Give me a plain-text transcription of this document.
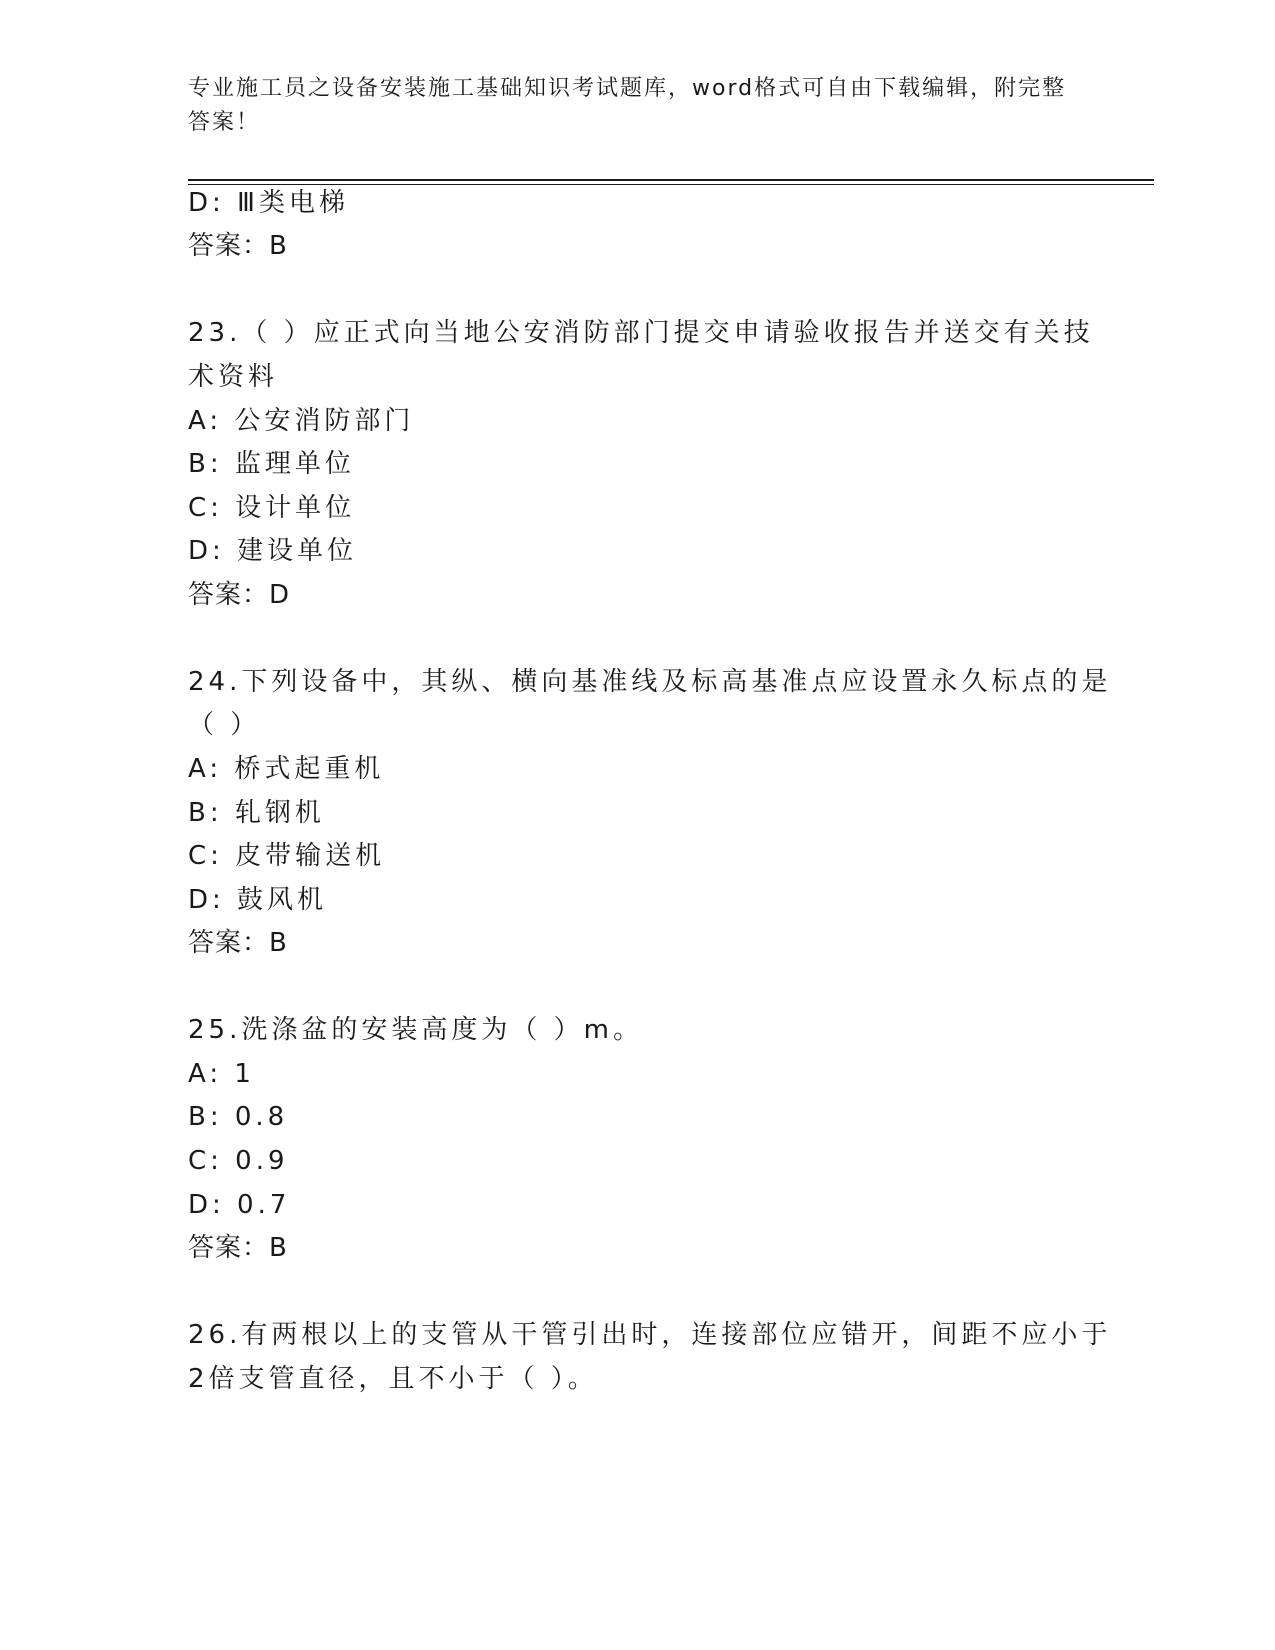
专业施工员之设备安装施工基础知识考试题库，word格式可自由下载编辑，附完整答案！
D: Ⅲ类电梯
答案：B
23.（ ）应正式向当地公安消防部门提交申请验收报告并送交有关技
术资料
A: 公安消防部门
B: 监理单位
C: 设计单位
D: 建设单位
答案：D
24.下列设备中，其纵、横向基准线及标高基准点应设置永久标点的是
（ ）
A: 桥式起重机
B: 轧钢机
C: 皮带输送机
D: 鼓风机
答案：B
25.洗涤盆的安装高度为（ ）m。
A: 1
B: 0.8
C: 0.9
D: 0.7
答案：B
26.有两根以上的支管从干管引出时，连接部位应错开，间距不应小于
2倍支管直径，且不小于（ ）。
